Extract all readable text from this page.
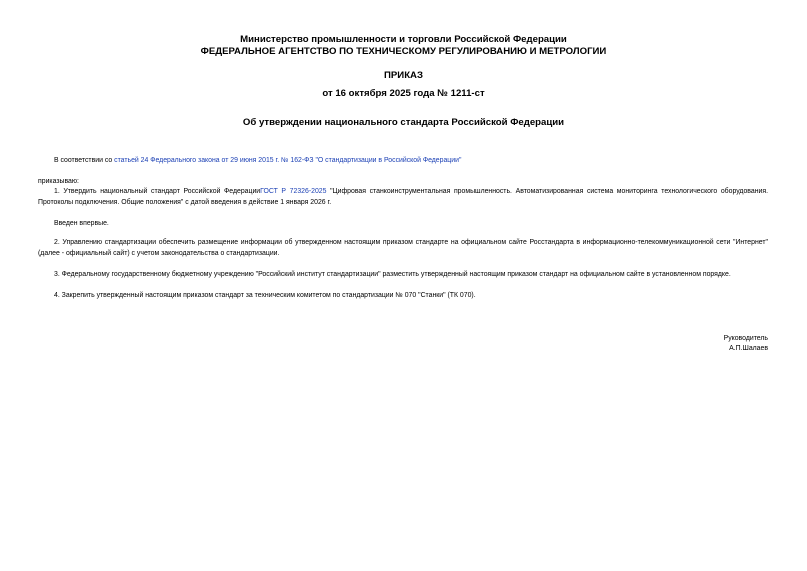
Министерство промышленности и торговли Российской Федерации
ФЕДЕРАЛЬНОЕ АГЕНТСТВО ПО ТЕХНИЧЕСКОМУ РЕГУЛИРОВАНИЮ И МЕТРОЛОГИИ
ПРИКАЗ
от 16 октября 2025 года № 1211-ст
Об утверждении национального стандарта Российской Федерации
В соответствии со статьей 24 Федерального закона от 29 июня 2015 г. № 162-ФЗ "О стандартизации в Российской Федерации"
приказываю:
1. Утвердить национальный стандарт Российской ФедерацииГОСТ Р 72326-2025 "Цифровая станкоинструментальная промышленность. Автоматизированная система мониторинга технологического оборудования. Протоколы подключения. Общие положения" с датой введения в действие 1 января 2026 г.
Введен впервые.
2. Управлению стандартизации обеспечить размещение информации об утвержденном настоящим приказом стандарте на официальном сайте Росстандарта в информационно-телекоммуникационной сети "Интернет" (далее - официальный сайт) с учетом законодательства о стандартизации.
3. Федеральному государственному бюджетному учреждению "Российский институт стандартизации" разместить утвержденный настоящим приказом стандарт на официальном сайте в установленном порядке.
4. Закрепить утвержденный настоящим приказом стандарт за техническим комитетом по стандартизации № 070 "Станки" (ТК 070).
Руководитель
А.П.Шалаев
